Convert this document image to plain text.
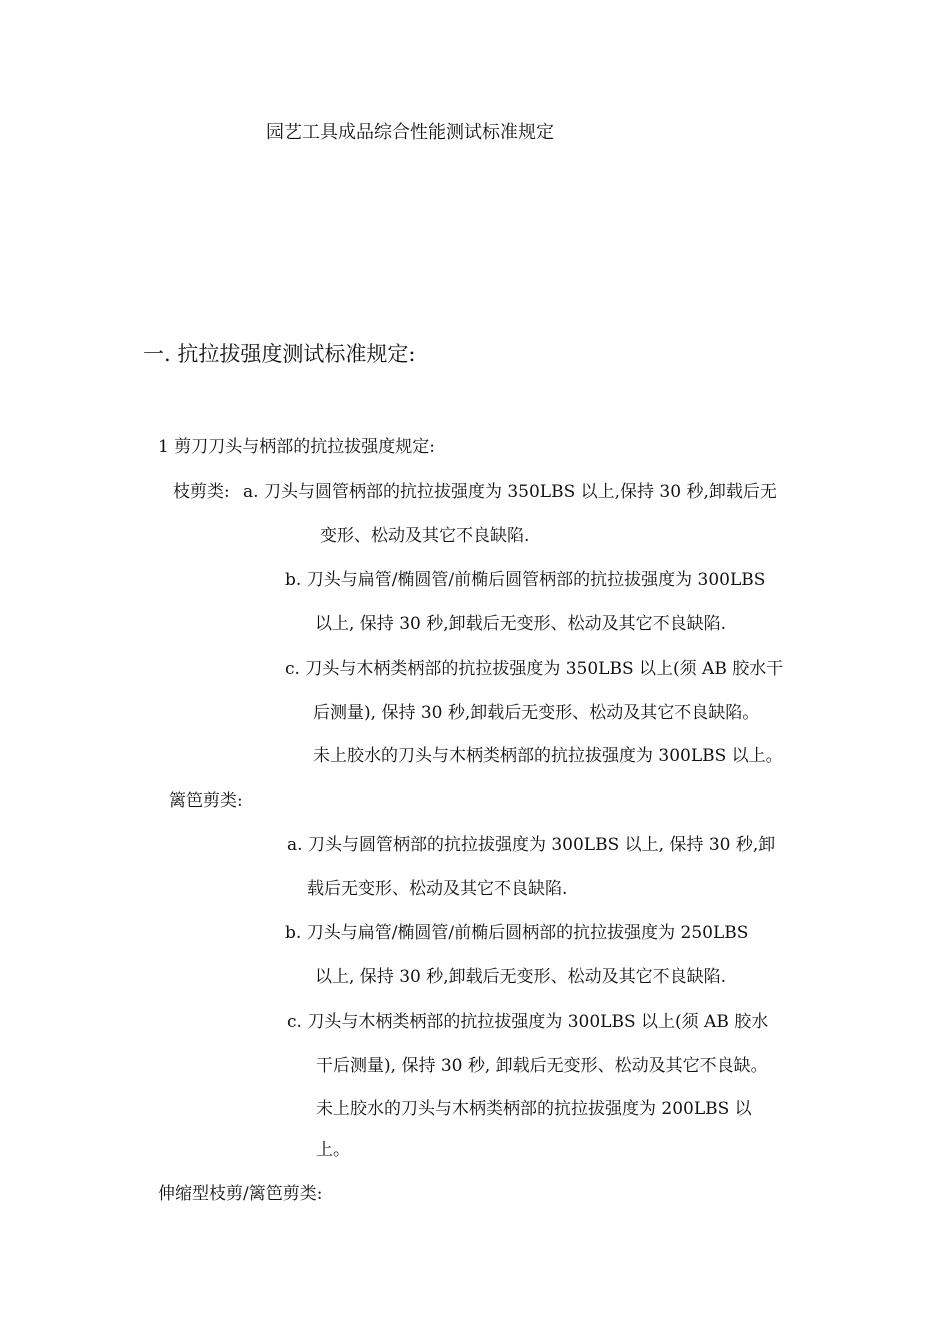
园艺工具成品综合性能测试标准规定
一. 抗拉拔强度测试标准规定:
1 剪刀刀头与柄部的抗拉拔强度规定:
枝剪类: a. 刀头与圆管柄部的抗拉拔强度为 350LBS 以上,保持 30 秒,卸载后无
变形、松动及其它不良缺陷.
b. 刀头与扁管/椭圆管/前椭后圆管柄部的抗拉拔强度为 300LBS
以上, 保持 30 秒,卸载后无变形、松动及其它不良缺陷.
c. 刀头与木柄类柄部的抗拉拔强度为 350LBS 以上(须 AB 胶水干
后测量), 保持 30 秒,卸载后无变形、松动及其它不良缺陷。
未上胶水的刀头与木柄类柄部的抗拉拔强度为 300LBS 以上。
篱笆剪类:
a. 刀头与圆管柄部的抗拉拔强度为 300LBS 以上, 保持 30 秒,卸
载后无变形、松动及其它不良缺陷.
b. 刀头与扁管/椭圆管/前椭后圆柄部的抗拉拔强度为 250LBS
以上, 保持 30 秒,卸载后无变形、松动及其它不良缺陷.
c. 刀头与木柄类柄部的抗拉拔强度为 300LBS 以上(须 AB 胶水
干后测量), 保持 30 秒, 卸载后无变形、松动及其它不良缺。
未上胶水的刀头与木柄类柄部的抗拉拔强度为 200LBS 以
上。
伸缩型枝剪/篱笆剪类:
